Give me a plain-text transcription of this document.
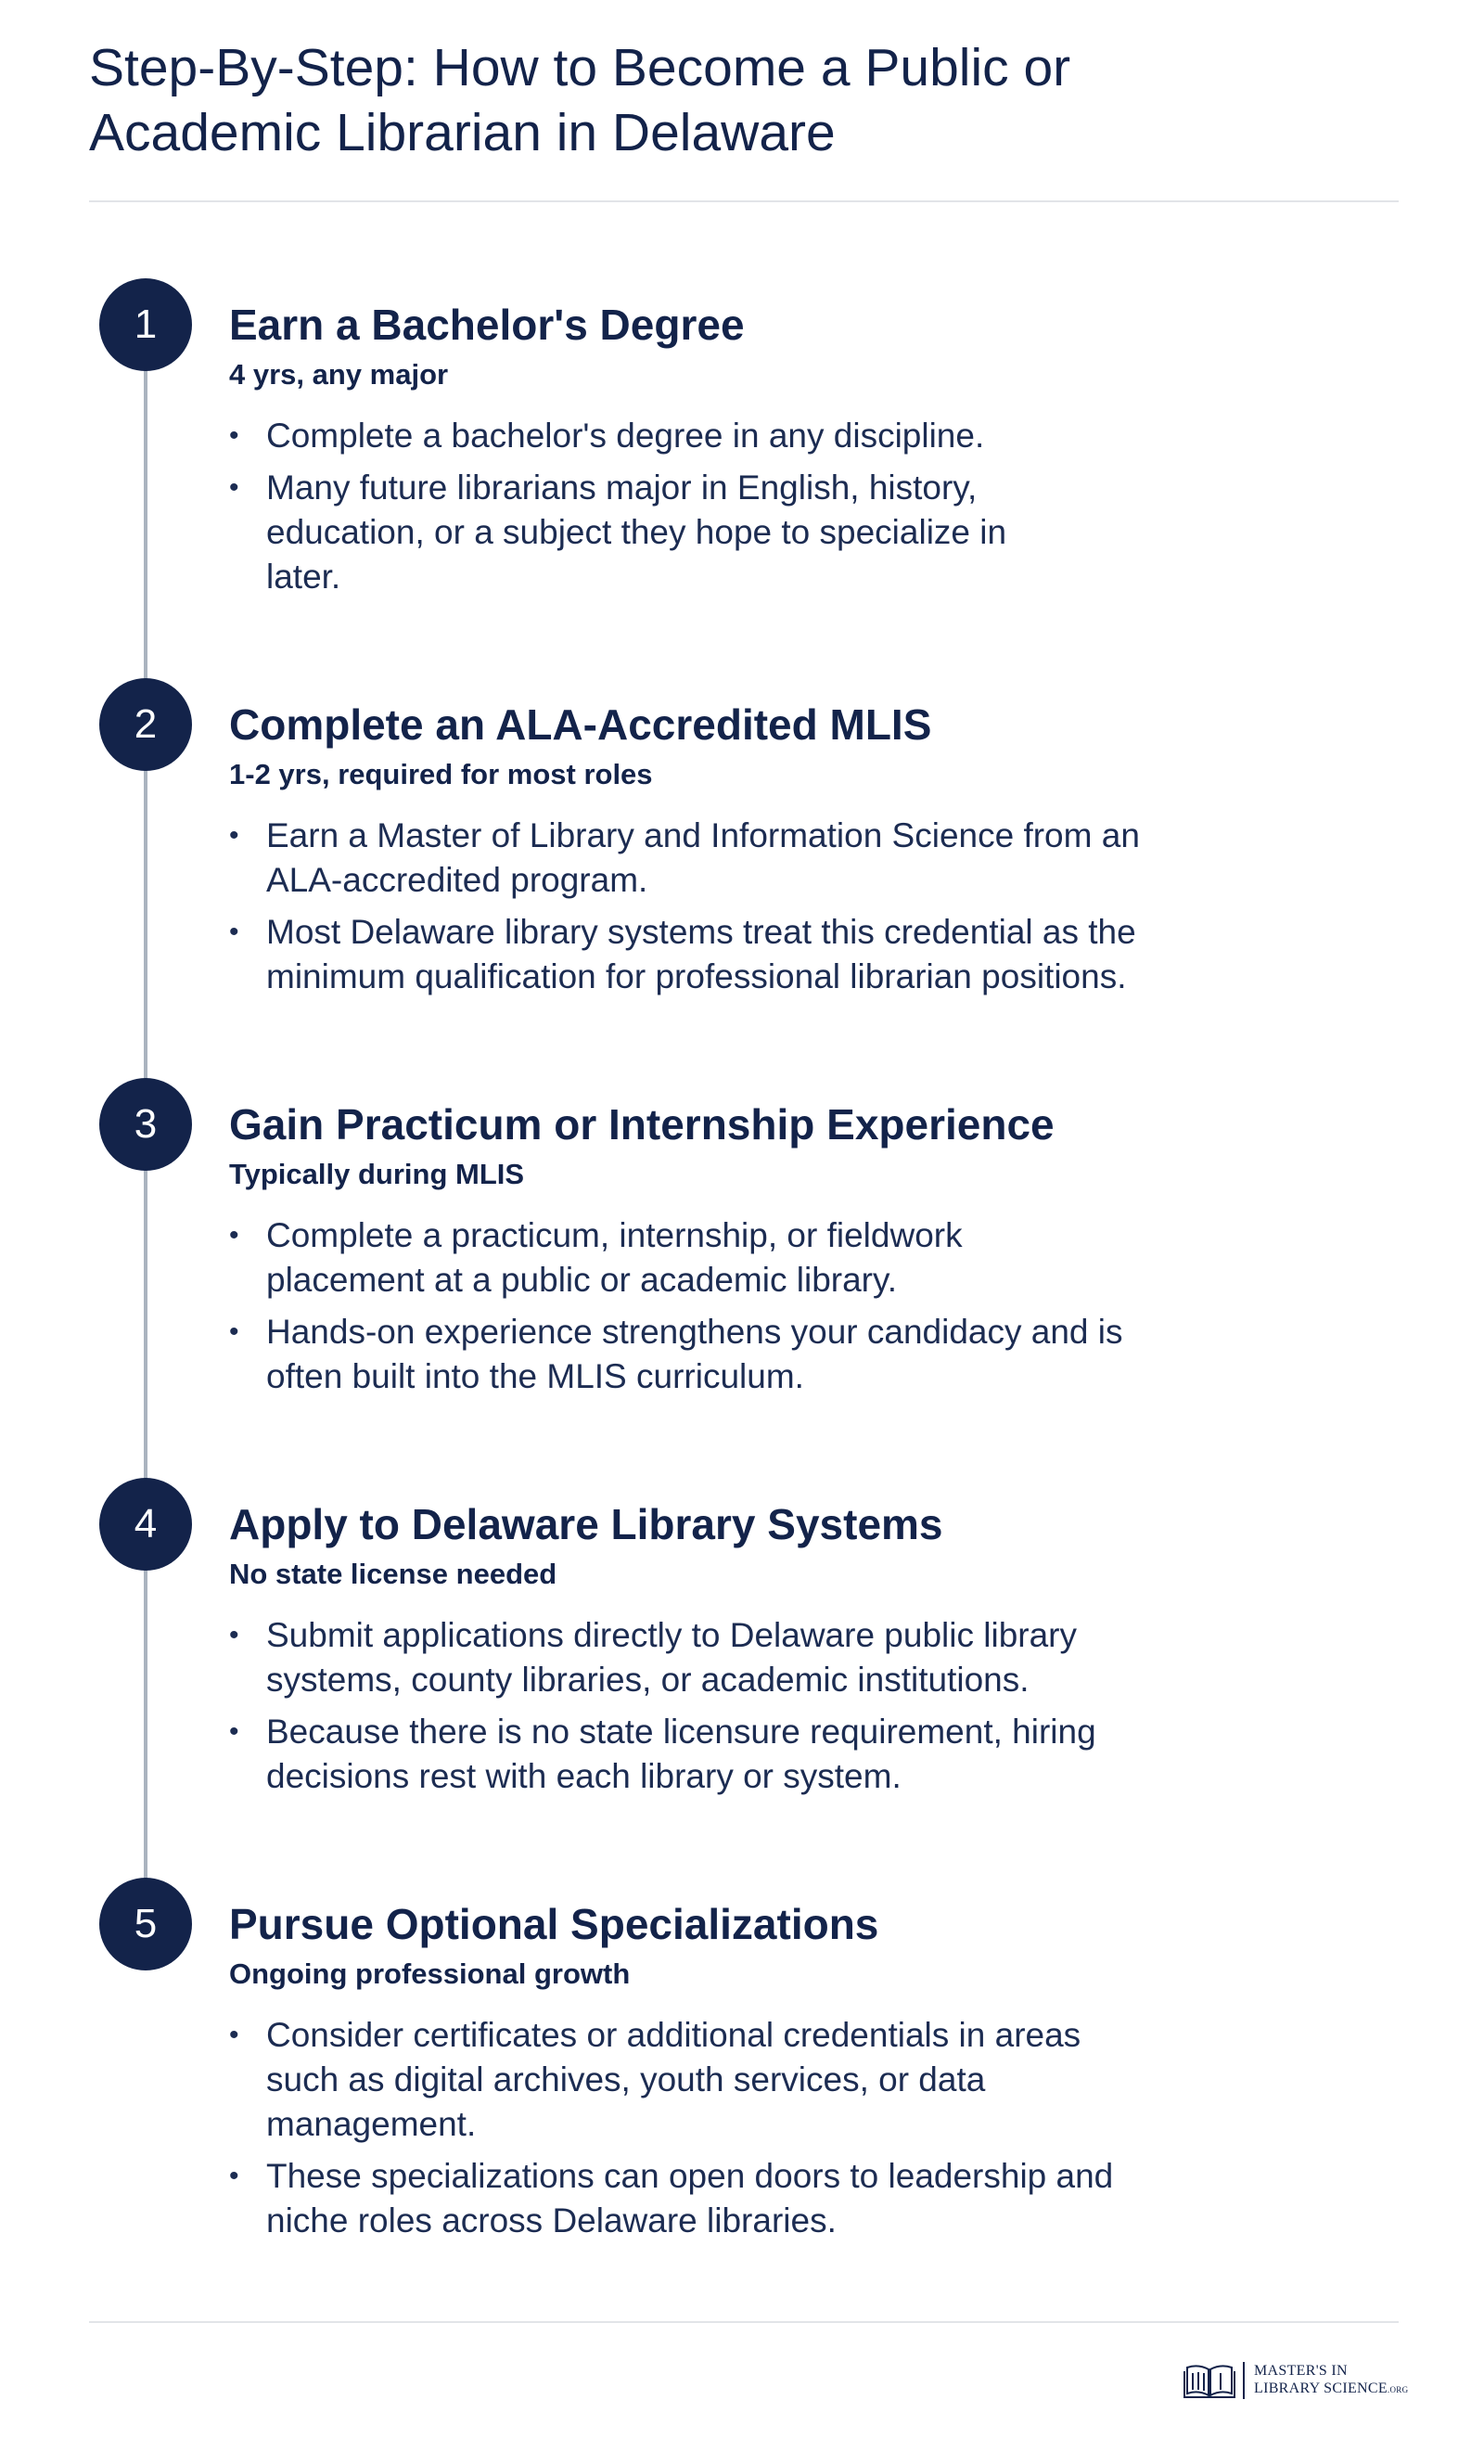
Step-By-Step: How to Become a Public or Academic Librarian in Delaware
1	Earn a Bachelor's Degree

4 yrs, any major

• Complete a bachelor's degree in any discipline.
• Many future librarians major in English, history, education, or a subject they hope to specialize in later.
2	Complete an ALA-Accredited MLIS

1-2 yrs, required for most roles

• Earn a Master of Library and Information Science from an ALA-accredited program.
• Most Delaware library systems treat this credential as the minimum qualification for professional librarian positions.
3	Gain Practicum or Internship Experience

Typically during MLIS

• Complete a practicum, internship, or fieldwork placement at a public or academic library.
• Hands-on experience strengthens your candidacy and is often built into the MLIS curriculum.
4	Apply to Delaware Library Systems

No state license needed

• Submit applications directly to Delaware public library systems, county libraries, or academic institutions.
• Because there is no state licensure requirement, hiring decisions rest with each library or system.
5	Pursue Optional Specializations

Ongoing professional growth

• Consider certificates or additional credentials in areas such as digital archives, youth services, or data management.
• These specializations can open doors to leadership and niche roles across Delaware libraries.
MASTER'S IN
LIBRARY SCIENCE.ORG
